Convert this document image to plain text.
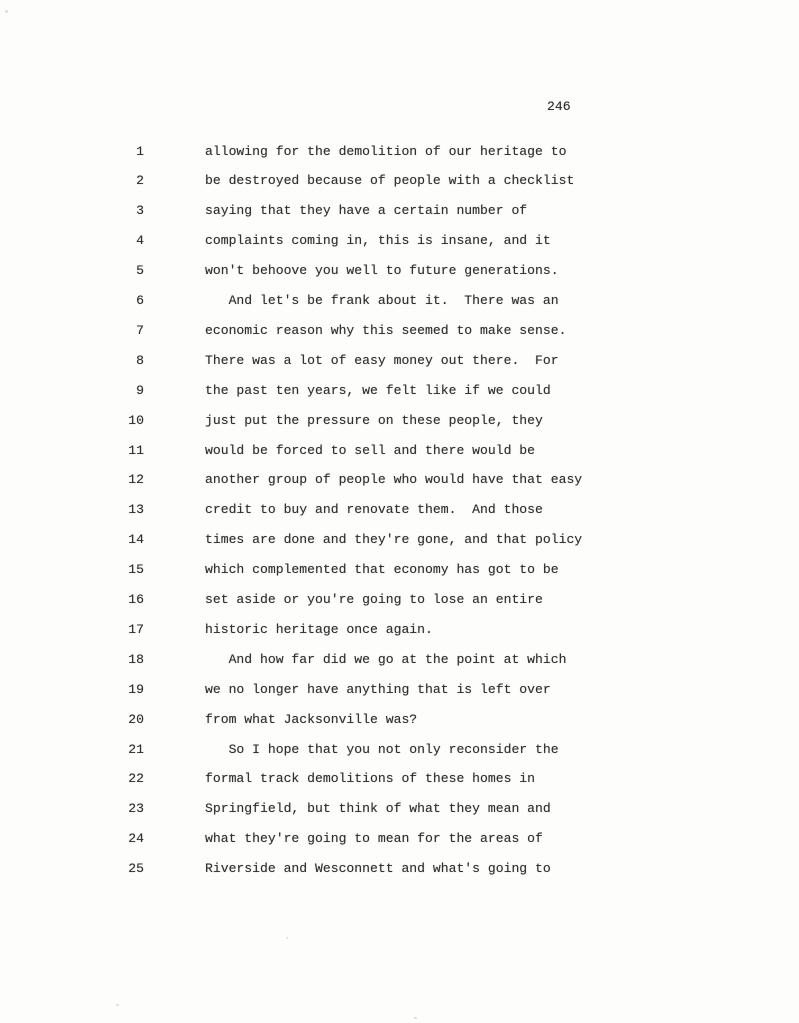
246
1	allowing for the demolition of our heritage to
2	be destroyed because of people with a checklist
3	saying that they have a certain number of
4	complaints coming in, this is insane, and it
5	won't behoove you well to future generations.
6	And let's be frank about it.  There was an
7	economic reason why this seemed to make sense.
8	There was a lot of easy money out there.  For
9	the past ten years, we felt like if we could
10	just put the pressure on these people, they
11	would be forced to sell and there would be
12	another group of people who would have that easy
13	credit to buy and renovate them.  And those
14	times are done and they're gone, and that policy
15	which complemented that economy has got to be
16	set aside or you're going to lose an entire
17	historic heritage once again.
18	And how far did we go at the point at which
19	we no longer have anything that is left over
20	from what Jacksonville was?
21	So I hope that you not only reconsider the
22	formal track demolitions of these homes in
23	Springfield, but think of what they mean and
24	what they're going to mean for the areas of
25	Riverside and Wesconnett and what's going to
